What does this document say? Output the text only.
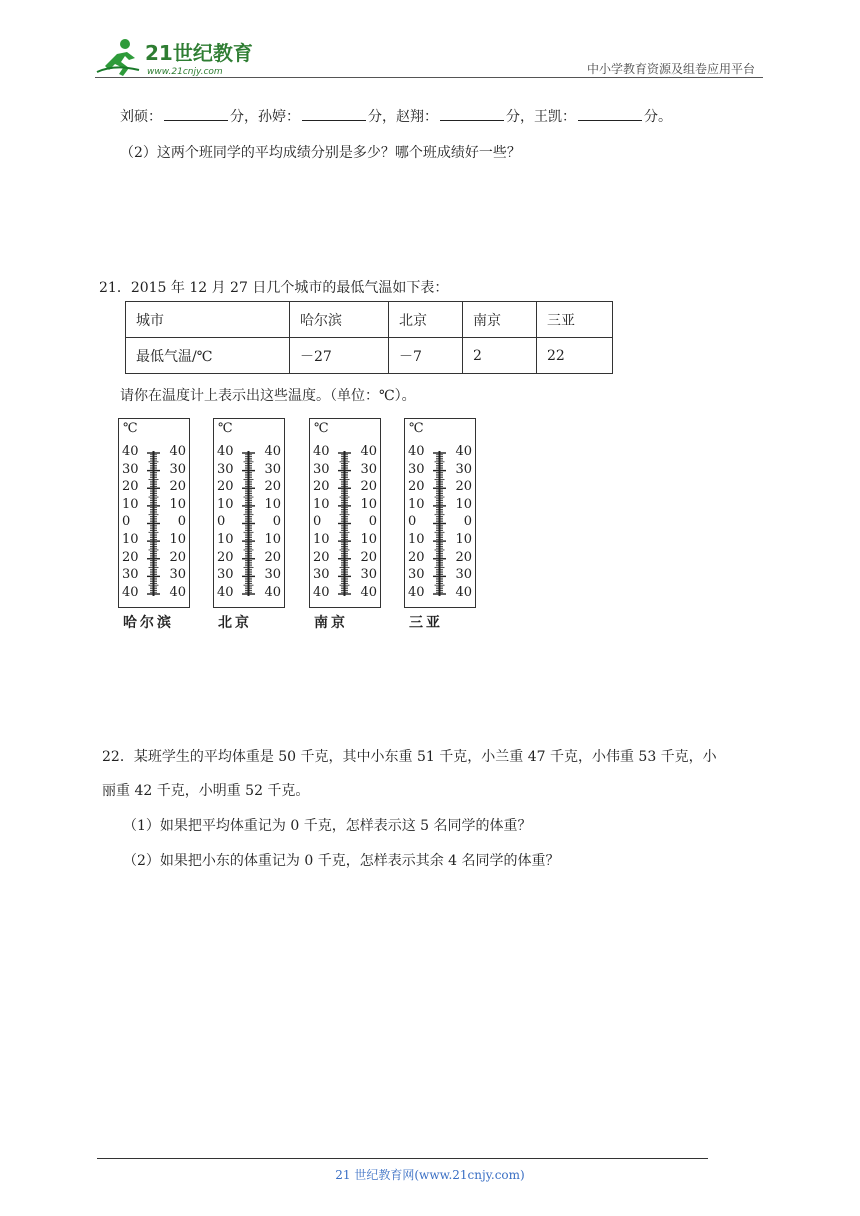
21世纪教育
www.21cnjy.com	中小学教育资源及组卷应用平台
刘硕：	分，孙婷：	分，赵翔：	分，王凯：	分。
（2）这两个班同学的平均成绩分别是多少？哪个班成绩好一些？
21．2015 年 12 月 27 日几个城市的最低气温如下表：
城市	哈尔滨	北京	南京	三亚
最低气温/℃	－27	－7	2	22
请你在温度计上表示出这些温度。（单位：℃）。
℃
40 40
30 30
20 20
10 10
0	0
10 10
20 20
30 30
40 40
哈尔滨
℃
40 40
30 30
20 20
10 10
0	0
10 10
20 20
30 30
40 40
北京
℃
40 40
30 30
20 20
10 10
0	0
10 10
20 20
30 30
40 40
南京
℃
40 40
30 30
20 20
10 10
0	0
10 10
20 20
30 30
40 40
三亚
22．某班学生的平均体重是 50 千克，其中小东重 51 千克，小兰重 47 千克，小伟重 53 千克，小
丽重 42 千克，小明重 52 千克。
（1）如果把平均体重记为 0 千克，怎样表示这 5 名同学的体重？
（2）如果把小东的体重记为 0 千克，怎样表示其余 4 名同学的体重？
21 世纪教育网(www.21cnjy.com)
